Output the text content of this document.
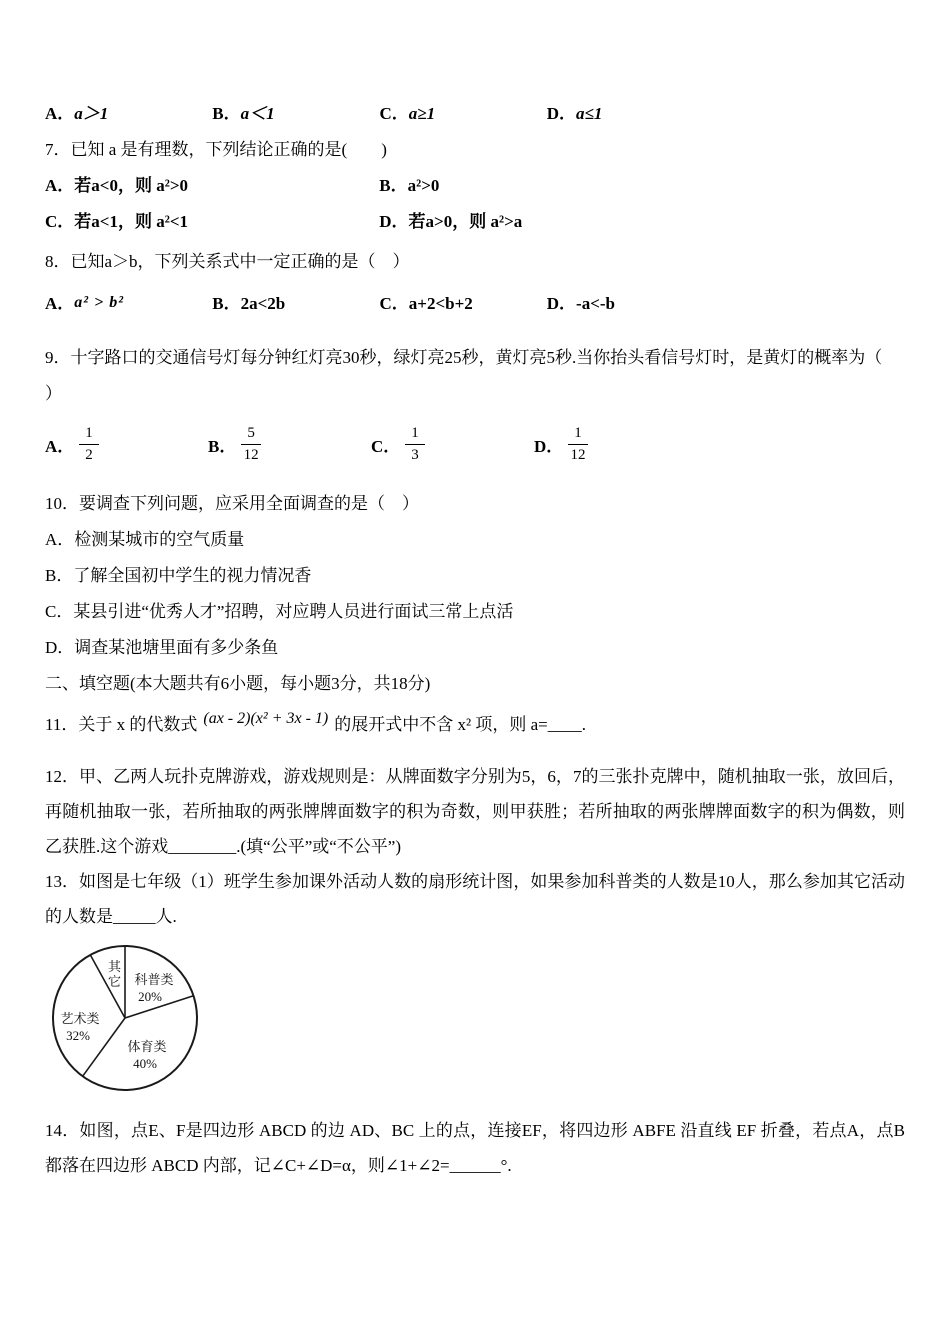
A．a＞1	B．a＜1	C．a≥1	D．a≤1
7．已知 a 是有理数，下列结论正确的是(　　)
A．若a<0，则 a²>0	B．a²>0
C．若a<1，则 a²<1	D．若a>0，则 a²>a
8．已知a＞b，下列关系式中一定正确的是（　）
A．a² > b²	B．2a<2b	C．a+2<b+2	D．-a<-b
9．十字路口的交通信号灯每分钟红灯亮30秒，绿灯亮25秒，黄灯亮5秒.当你抬头看信号灯时，是黄灯的概率为（
）
A． $\frac{1}{2}$	B． $\frac{5}{12}$	C． $\frac{1}{3}$	D． $\frac{1}{12}$
10．要调查下列问题，应采用全面调查的是（　）
A．检测某城市的空气质量
B．了解全国初中学生的视力情况香
C．某县引进“优秀人才”招聘，对应聘人员进行面试三常上点活
D．调查某池塘里面有多少条鱼
二、填空题(本大题共有6小题，每小题3分，共18分)
11．关于 x 的代数式 (ax - 2)(x² + 3x - 1) 的展开式中不含 x² 项，则 a=____.
12．甲、乙两人玩扑克牌游戏，游戏规则是：从牌面数字分别为5，6，7的三张扑克牌中，随机抽取一张，放回后，再随机抽取一张，若所抽取的两张牌牌面数字的积为奇数，则甲获胜；若所抽取的两张牌牌面数字的积为偶数，则乙获胜.这个游戏________.(填“公平”或“不公平”)
13．如图是七年级（1）班学生参加课外活动人数的扇形统计图，如果参加科普类的人数是10人，那么参加其它活动的人数是_____人.
其
它 科普类
20%
艺术类
32%
体育类
40%
14．如图，点E、F是四边形 ABCD 的边 AD、BC 上的点，连接EF，将四边形 ABFE 沿直线 EF 折叠，若点A，点B都落在四边形 ABCD 内部，记∠C+∠D=α，则∠1+∠2=______°.
